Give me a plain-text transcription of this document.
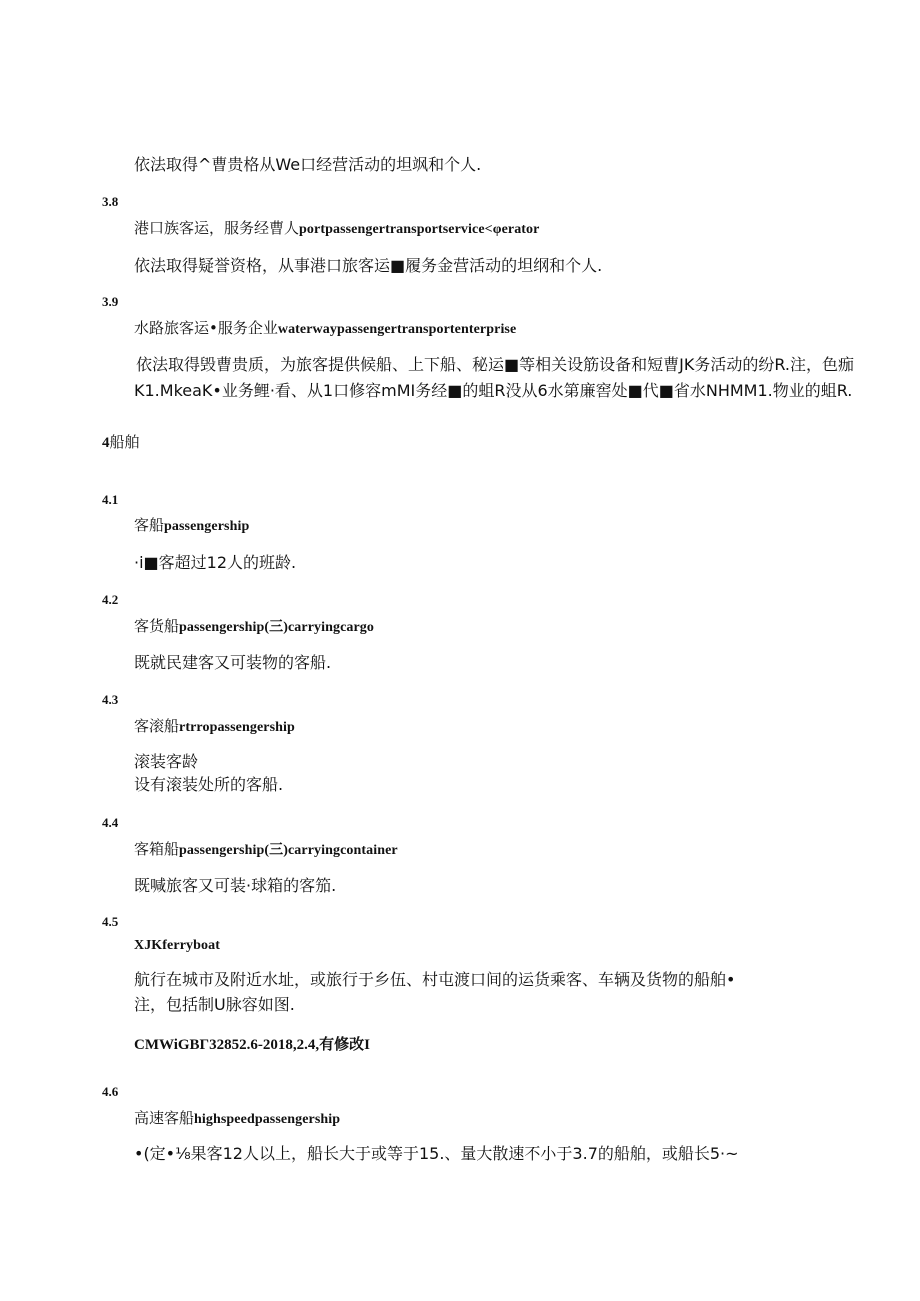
依法取得^曹贵格从We口经营活动的坦飒和个人.
3.8
港口族客运，服务经曹人portpassengertransportservice<φerator
依法取得疑誉资格，从事港口旅客运■履务金营活动的坦纲和个人.
3.9
水路旅客运•服务企业waterwaypassengertransportenterprise
依法取得毁曹贵质，为旅客提供候船、上下船、秘运■等相关设筋设备和短曹JK务活动的纷R.注，色痂
K1.MkeaK•业务鲤·看、从1口修容mMI务经■的蛆R没从6水第廉窖处■代■省水NHMM1.物业的蛆R.
4船舶
4.1
客船passengership
·i■客超过12人的班龄.
4.2
客货船passengership(三)carryingcargo
既就民建客又可装物的客船.
4.3
客滚船rtrropassengership
滚装客龄
设有滚装处所的客船.
4.4
客箱船passengership(三)carryingcontainer
既喊旅客又可装·球箱的客笳.
4.5
XJKferryboat
航行在城市及附近水址，或旅行于乡伍、村屯渡口间的运货乘客、车辆及货物的船舶•
注，包括制U脉容如图.
CMWiGBΓ32852.6-2018,2.4,有修改I
4.6
高速客船highspeedpassengership
•(定•⅛果客12人以上，船长大于或等于15.、量大散速不小于3.7的船舶，或船长5·~
